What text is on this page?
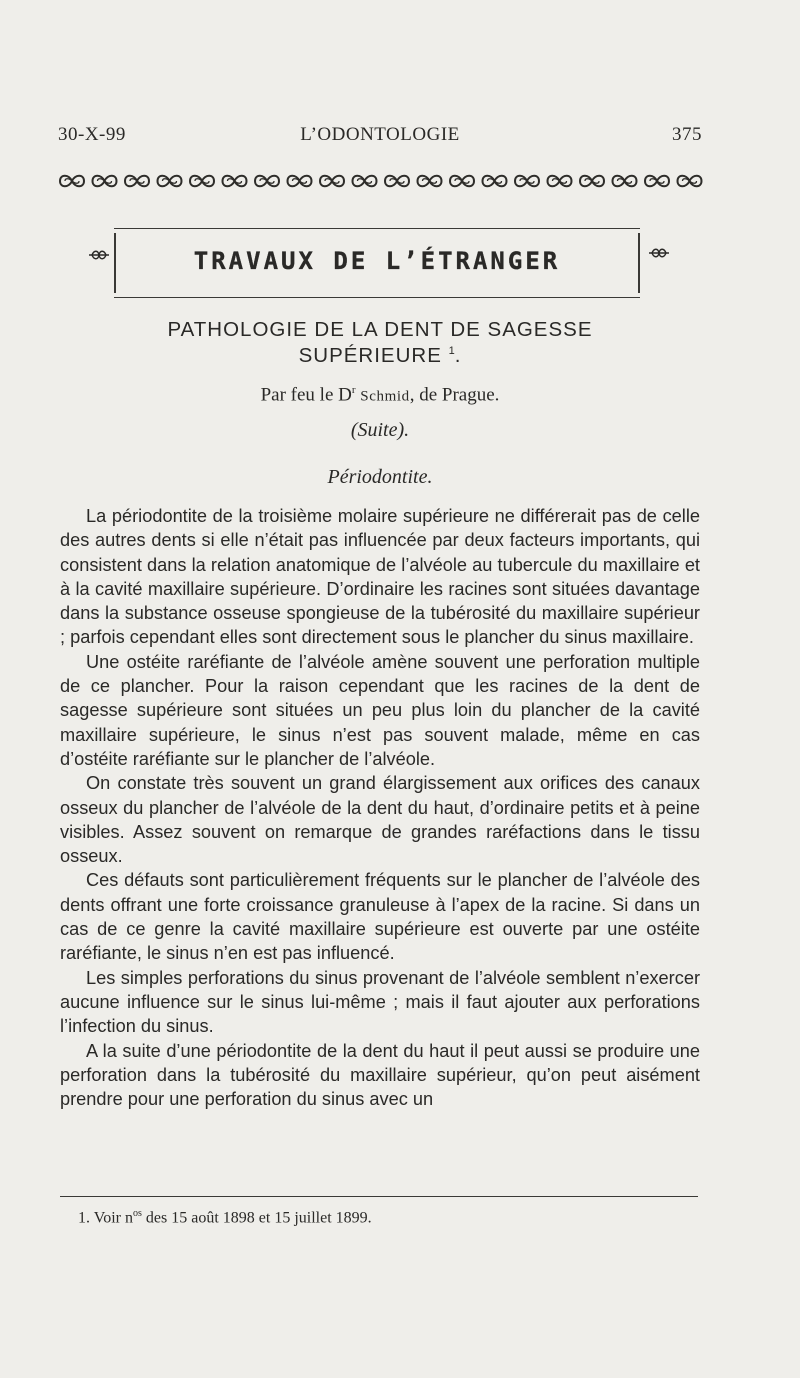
30-X-99	L’ODONTOLOGIE	375
TRAVAUX DE L’ÉTRANGER
PATHOLOGIE DE LA DENT DE SAGESSE
SUPÉRIEURE $^1$.
Par feu le $D^r$ Schmid, de Prague.
(Suite).
Périodontite.

La périodontite de la troisième molaire supérieure ne différerait pas de celle des autres dents si elle n’était pas influencée par deux facteurs importants, qui consistent dans la relation anatomique de l’alvéole au tubercule du maxillaire et à la cavité maxillaire supérieure. D’ordinaire les racines sont situées davantage dans la substance osseuse spongieuse de la tubérosité du maxillaire supérieur ; parfois cependant elles sont directement sous le plancher du sinus maxillaire.

Une ostéite raréfiante de l’alvéole amène souvent une perforation multiple de ce plancher. Pour la raison cependant que les racines de la dent de sagesse supérieure sont situées un peu plus loin du plancher de la cavité maxillaire supérieure, le sinus n’est pas souvent malade, même en cas d’ostéite raréfiante sur le plancher de l’alvéole.

On constate très souvent un grand élargissement aux orifices des canaux osseux du plancher de l’alvéole de la dent du haut, d’ordinaire petits et à peine visibles. Assez souvent on remarque de grandes raréfactions dans le tissu osseux.

Ces défauts sont particulièrement fréquents sur le plancher de l’alvéole des dents offrant une forte croissance granuleuse à l’apex de la racine. Si dans un cas de ce genre la cavité maxillaire supérieure est ouverte par une ostéite raréfiante, le sinus n’en est pas influencé.

Les simples perforations du sinus provenant de l’alvéole semblent n’exercer aucune influence sur le sinus lui-même ; mais il faut ajouter aux perforations l’infection du sinus.

A la suite d’une périodontite de la dent du haut il peut aussi se produire une perforation dans la tubérosité du maxillaire supérieur, qu’on peut aisément prendre pour une perforation du sinus avec un

1. Voir $n^{os}$ des 15 août 1898 et 15 juillet 1899.
